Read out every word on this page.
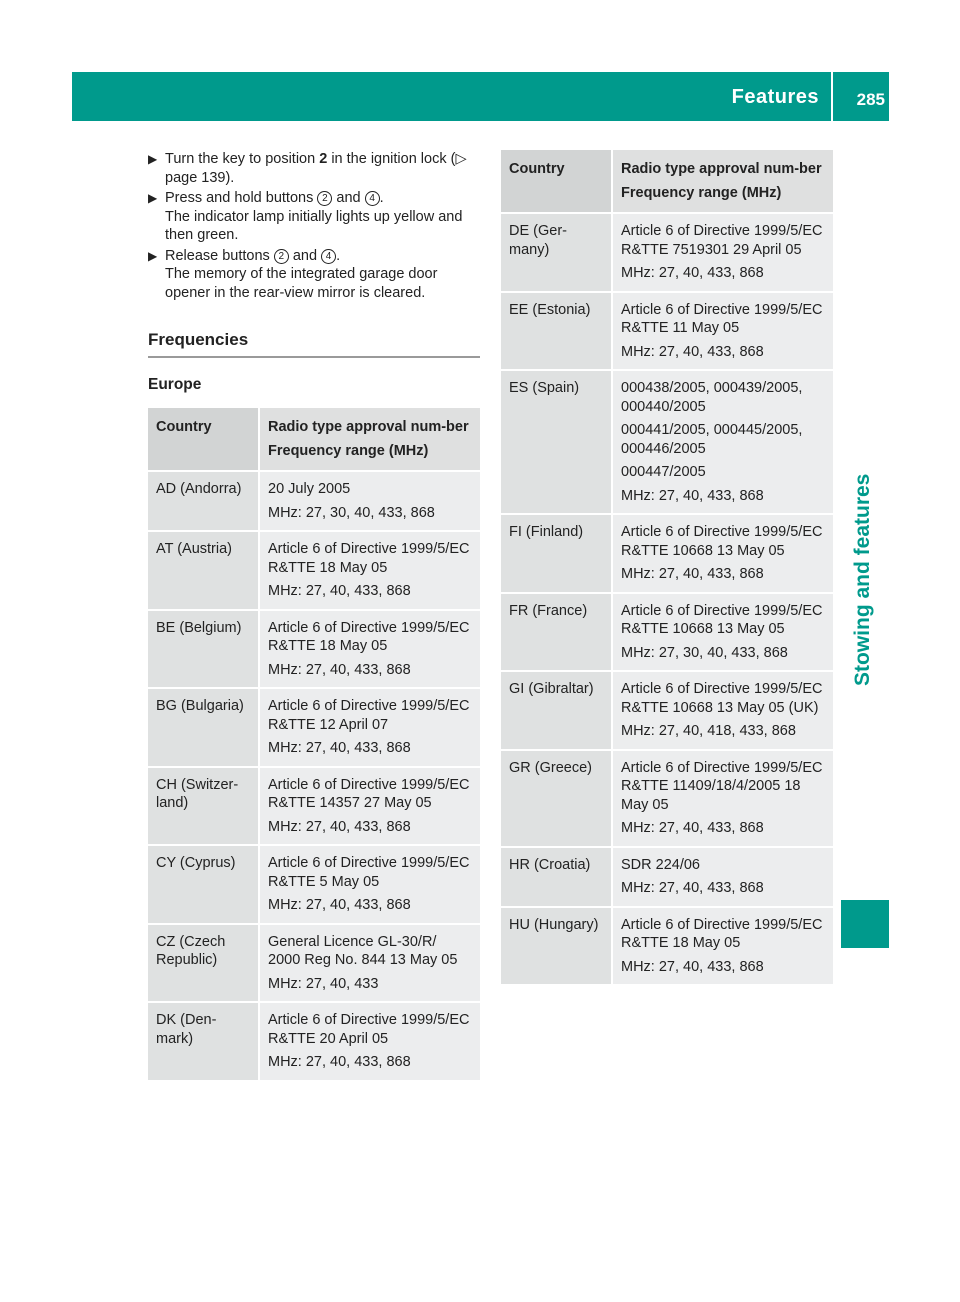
Features 285
Stowing and features
▶ Turn the key to position 2 in the ignition lock (▷ page 139).
▶ Press and hold buttons 2 and 4 .
The indicator lamp initially lights up yellow and then green.
▶ Release buttons 2 and 4 .
The memory of the integrated garage door opener in the rear-view mirror is cleared.
Frequencies
Europe
Country	Radio type approval num-ber
Frequency range (MHz)

AD (Andorra)	20 July 2005
MHz: 27, 30, 40, 433, 868

AT (Austria)	Article 6 of Directive 1999/5/EC R&TTE 18 May 05
MHz: 27, 40, 433, 868

BE (Belgium)	Article 6 of Directive 1999/5/EC R&TTE 18 May 05
MHz: 27, 40, 433, 868

BG (Bulgaria)	Article 6 of Directive 1999/5/EC R&TTE 12 April 07
MHz: 27, 40, 433, 868

CH (Switzer-land)	Article 6 of Directive 1999/5/EC R&TTE 14357 27 May 05
MHz: 27, 40, 433, 868

CY (Cyprus)	Article 6 of Directive 1999/5/EC R&TTE 5 May 05
MHz: 27, 40, 433, 868

CZ (Czech Republic)	General Licence GL-30/R/ 2000 Reg No. 844 13 May 05
MHz: 27, 40, 433

DK (Den-mark)	Article 6 of Directive 1999/5/EC R&TTE 20 April 05
MHz: 27, 40, 433, 868
Country	Radio type approval num-ber
Frequency range (MHz)

DE (Ger-many)	Article 6 of Directive 1999/5/EC R&TTE 7519301 29 April 05
MHz: 27, 40, 433, 868

EE (Estonia)	Article 6 of Directive 1999/5/EC R&TTE 11 May 05
MHz: 27, 40, 433, 868

ES (Spain)	000438/2005, 000439/2005, 000440/2005
000441/2005, 000445/2005, 000446/2005
000447/2005
MHz: 27, 40, 433, 868

FI (Finland)	Article 6 of Directive 1999/5/EC R&TTE 10668 13 May 05
MHz: 27, 40, 433, 868

FR (France)	Article 6 of Directive 1999/5/EC R&TTE 10668 13 May 05
MHz: 27, 30, 40, 433, 868

GI (Gibraltar)	Article 6 of Directive 1999/5/EC R&TTE 10668 13 May 05 (UK)
MHz: 27, 40, 418, 433, 868

GR (Greece)	Article 6 of Directive 1999/5/EC R&TTE 11409/18/4/2005 18 May 05
MHz: 27, 40, 433, 868

HR (Croatia)	SDR 224/06
MHz: 27, 40, 433, 868

HU (Hungary)	Article 6 of Directive 1999/5/EC R&TTE 18 May 05
MHz: 27, 40, 433, 868
